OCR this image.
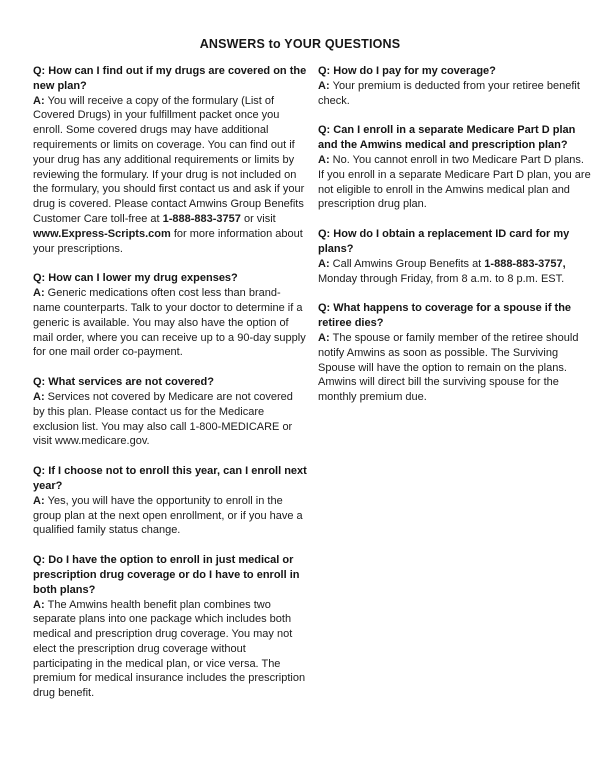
ANSWERS to YOUR QUESTIONS

Q: How can I find out if my drugs are covered on the new plan?

A: You will receive a copy of the formulary (List of Covered Drugs) in your fulfillment packet once you enroll. Some covered drugs may have additional requirements or limits on coverage. You can find out if your drug has any additional requirements or limits by reviewing the formulary. If your drug is not included on the formulary, you should first contact us and ask if your drug is covered. Please contact Amwins Group Benefits Customer Care toll-free at 1-888-883-3757 or visit www.Express-Scripts.com for more information about your prescriptions.

Q: How can I lower my drug expenses?

A: Generic medications often cost less than brand-name counterparts. Talk to your doctor to determine if a generic is available. You may also have the option of mail order, where you can receive up to a 90-day supply for one mail order co-payment.

Q: What services are not covered?

A: Services not covered by Medicare are not covered by this plan. Please contact us for the Medicare exclusion list. You may also call 1-800-MEDICARE or visit www.medicare.gov.

Q: If I choose not to enroll this year, can I enroll next year?

A: Yes, you will have the opportunity to enroll in the group plan at the next open enrollment, or if you have a qualified family status change.

Q: Do I have the option to enroll in just medical or prescription drug coverage or do I have to enroll in both plans?

A: The Amwins health benefit plan combines two separate plans into one package which includes both medical and prescription drug coverage. You may not elect the prescription drug coverage without participating in the medical plan, or vice versa. The premium for medical insurance includes the prescription drug benefit.

Q: How do I pay for my coverage?

A: Your premium is deducted from your retiree benefit check.

Q: Can I enroll in a separate Medicare Part D plan and the Amwins medical and prescription plan?

A: No. You cannot enroll in two Medicare Part D plans. If you enroll in a separate Medicare Part D plan, you are not eligible to enroll in the Amwins medical plan and prescription drug plan.

Q: How do I obtain a replacement ID card for my plans?

A: Call Amwins Group Benefits at 1-888-883-3757, Monday through Friday, from 8 a.m. to 8 p.m. EST.

Q: What happens to coverage for a spouse if the retiree dies?

A: The spouse or family member of the retiree should notify Amwins as soon as possible. The Surviving Spouse will have the option to remain on the plans. Amwins will direct bill the surviving spouse for the monthly premium due.
